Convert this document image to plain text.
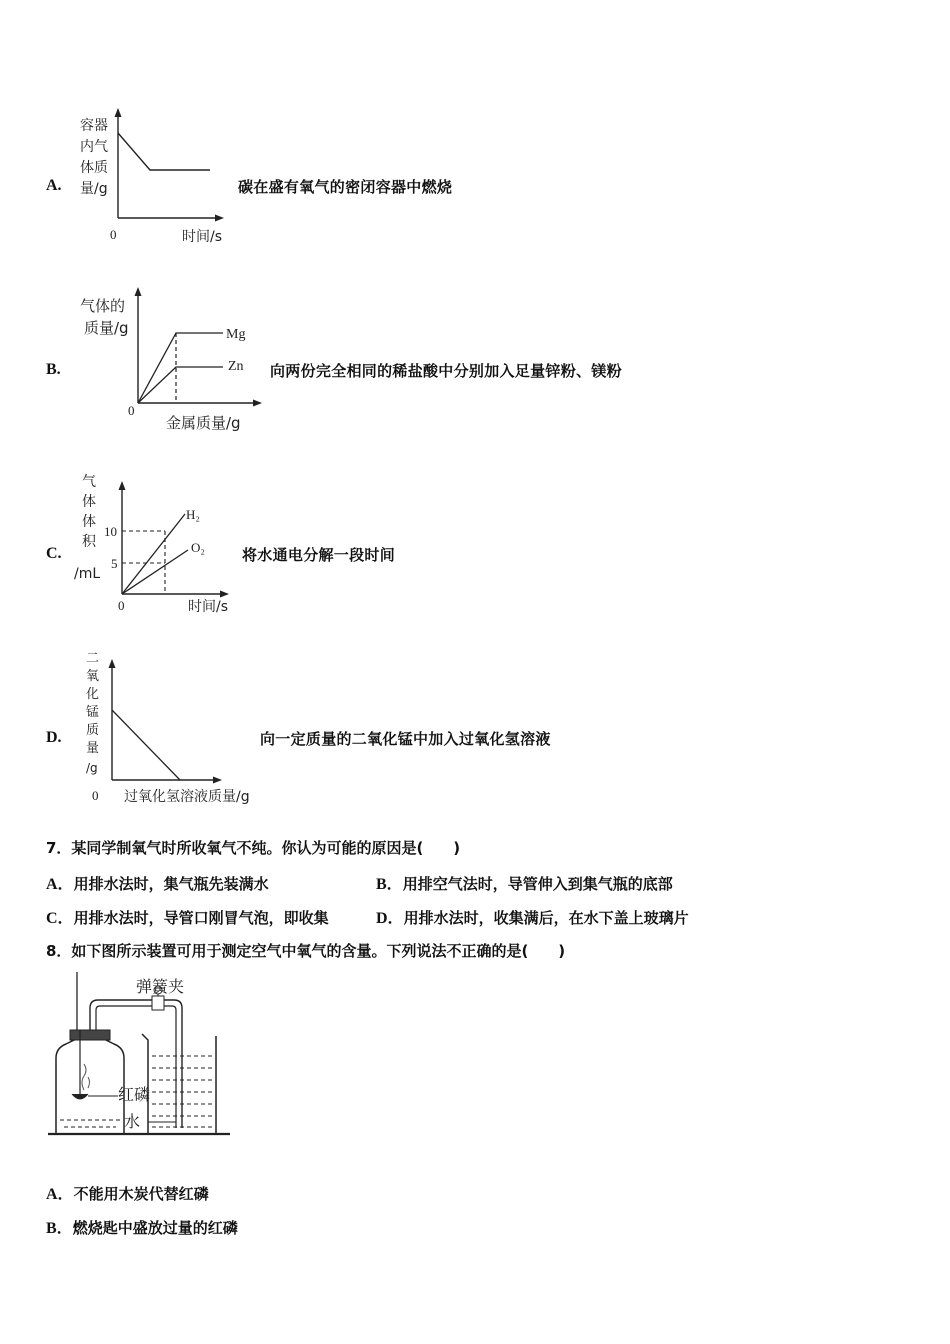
A.
容器
内气
体质
量/g
0	时间/s
碳在盛有氧气的密闭容器中燃烧
B.
气体的
质量/g	Mg
Zn
0
金属质量/g
向两份完全相同的稀盐酸中分别加入足量锌粉、镁粉
C.
气
体
体
积
/mL
10
5
H₂
O₂
0	时间/s
将水通电分解一段时间
D.
二
氧
化
锰
质
量
/g
0 过氧化氢溶液质量/g
向一定质量的二氧化锰中加入过氧化氢溶液
7．某同学制氧气时所收氧气不纯。你认为可能的原因是(　　)
A．用排水法时，集气瓶先装满水	B．用排空气法时，导管伸入到集气瓶的底部
C．用排水法时，导管口刚冒气泡，即收集	D．用排水法时，收集满后，在水下盖上玻璃片
8．如下图所示装置可用于测定空气中氧气的含量。下列说法不正确的是(　　)
弹簧夹
红磷
水
A．不能用木炭代替红磷
B．燃烧匙中盛放过量的红磷
